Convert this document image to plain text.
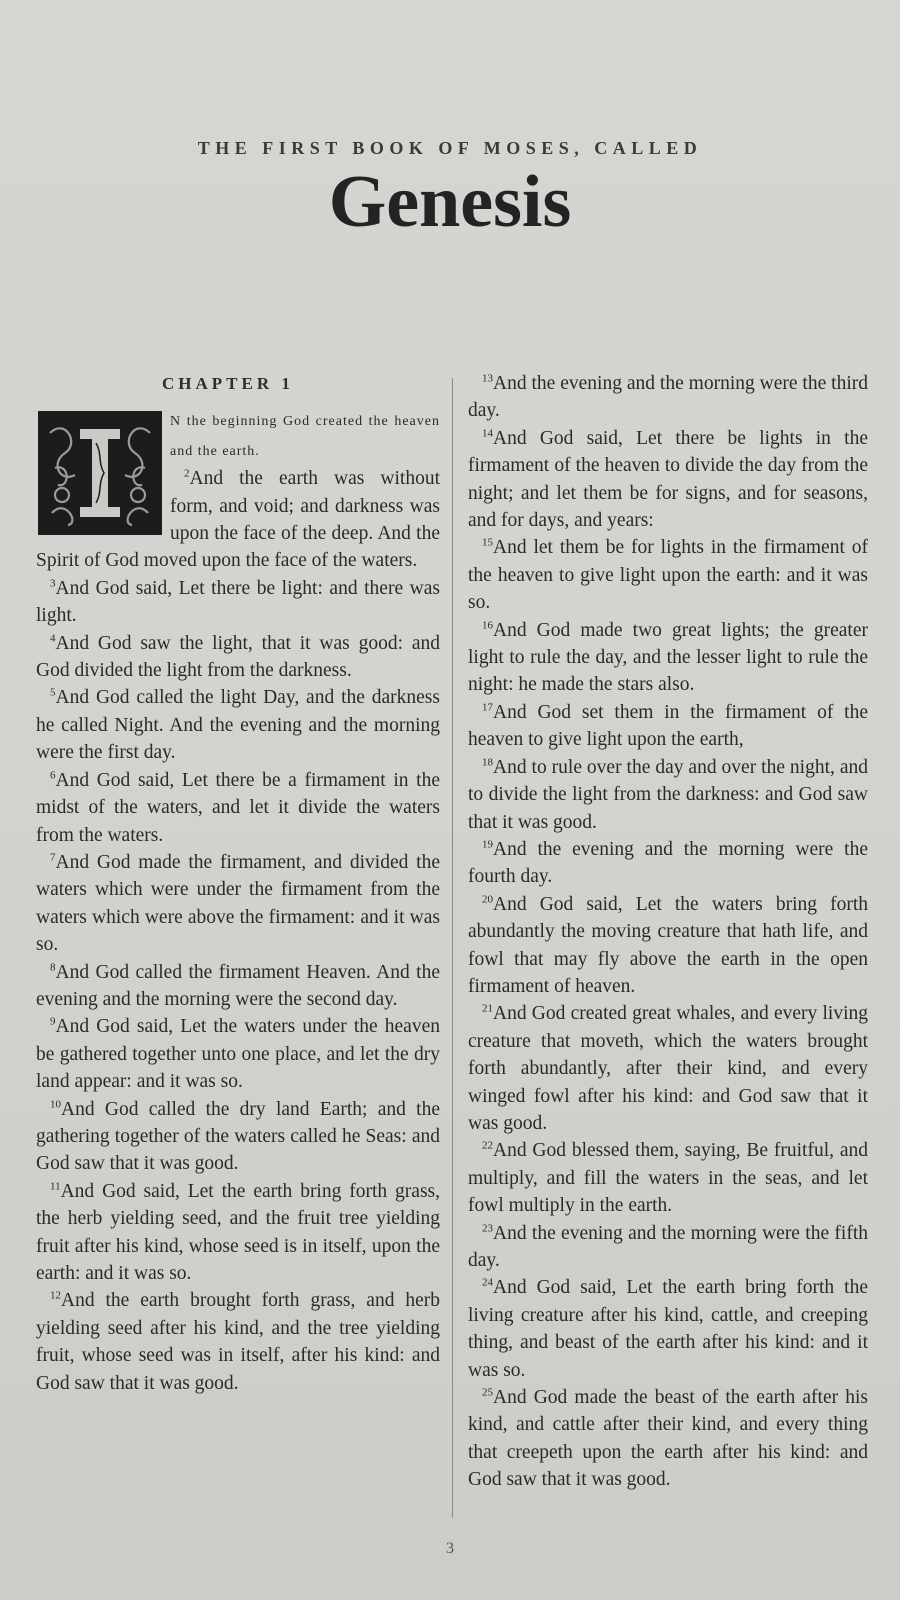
THE FIRST BOOK OF MOSES, CALLED
Genesis
CHAPTER 1

N the beginning God created the heaven and the earth.

$^2$And the earth was without form, and void; and darkness was upon the face of the deep. And the Spirit of God moved upon the face of the waters.

$^3$And God said, Let there be light: and there was light.

$^4$And God saw the light, that it was good: and God divided the light from the darkness.

$^5$And God called the light Day, and the darkness he called Night. And the evening and the morning were the first day.

$^6$And God said, Let there be a firmament in the midst of the waters, and let it divide the waters from the waters.

$^7$And God made the firmament, and divided the waters which were under the firmament from the waters which were above the firmament: and it was so.

$^8$And God called the firmament Heaven. And the evening and the morning were the second day.

$^9$And God said, Let the waters under the heaven be gathered together unto one place, and let the dry land appear: and it was so.

$^{10}$And God called the dry land Earth; and the gathering together of the waters called he Seas: and God saw that it was good.

$^{11}$And God said, Let the earth bring forth grass, the herb yielding seed, and the fruit tree yielding fruit after his kind, whose seed is in itself, upon the earth: and it was so.

$^{12}$And the earth brought forth grass, and herb yielding seed after his kind, and the tree yielding fruit, whose seed was in itself, after his kind: and God saw that it was good.

$^{13}$And the evening and the morning were the third day.

$^{14}$And God said, Let there be lights in the firmament of the heaven to divide the day from the night; and let them be for signs, and for seasons, and for days, and years:

$^{15}$And let them be for lights in the firmament of the heaven to give light upon the earth: and it was so.

$^{16}$And God made two great lights; the greater light to rule the day, and the lesser light to rule the night: he made the stars also.

$^{17}$And God set them in the firmament of the heaven to give light upon the earth,

$^{18}$And to rule over the day and over the night, and to divide the light from the darkness: and God saw that it was good.

$^{19}$And the evening and the morning were the fourth day.

$^{20}$And God said, Let the waters bring forth abundantly the moving creature that hath life, and fowl that may fly above the earth in the open firmament of heaven.

$^{21}$And God created great whales, and every living creature that moveth, which the waters brought forth abundantly, after their kind, and every winged fowl after his kind: and God saw that it was good.

$^{22}$And God blessed them, saying, Be fruitful, and multiply, and fill the waters in the seas, and let fowl multiply in the earth.

$^{23}$And the evening and the morning were the fifth day.

$^{24}$And God said, Let the earth bring forth the living creature after his kind, cattle, and creeping thing, and beast of the earth after his kind: and it was so.

$^{25}$And God made the beast of the earth after his kind, and cattle after their kind, and every thing that creepeth upon the earth after his kind: and God saw that it was good.

3
